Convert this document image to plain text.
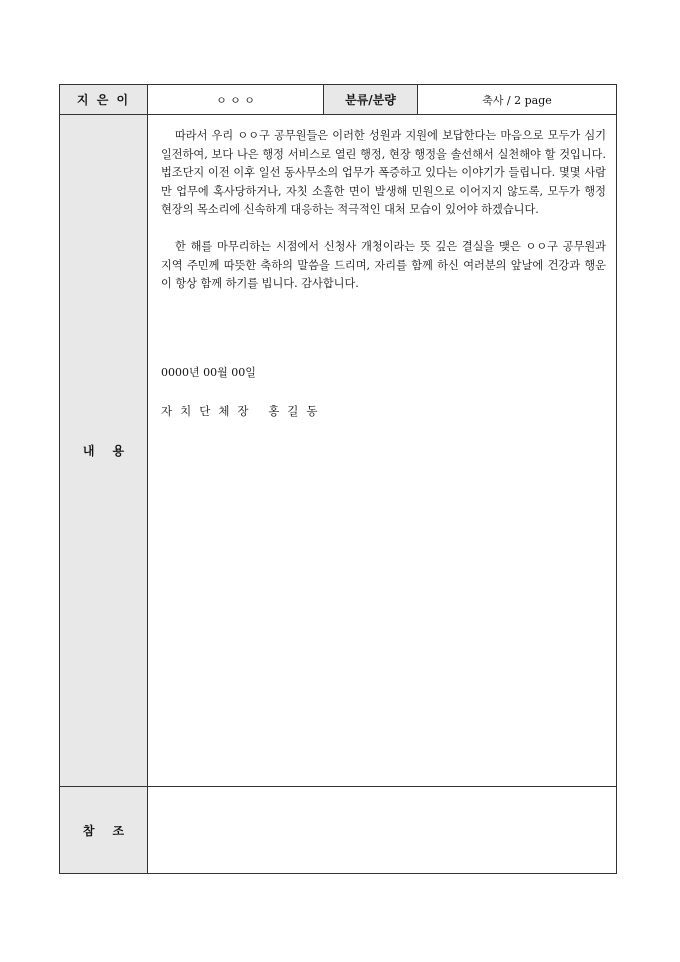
지 은 이	ㅇ ㅇ ㅇ	분류/분량	축사 / 2 page
내용	따라서 우리 ㅇㅇ구 공무원들은 이러한 성원과 지원에 보답한다는 마음으로 모두가 심기일전하여, 보다 나은 행정 서비스로 열린 행정, 현장 행정을 솔선해서 실천해야 할 것입니다. 법조단지 이전 이후 일선 동사무소의 업무가 폭증하고 있다는 이야기가 들립니다. 몇몇 사람만 업무에 혹사당하거나, 자칫 소홀한 면이 발생해 민원으로 이어지지 않도록, 모두가 행정 현장의 목소리에 신속하게 대응하는 적극적인 대처 모습이 있어야 하겠습니다.

한 해를 마무리하는 시점에서 신청사 개청이라는 뜻 깊은 결실을 맺은 ㅇㅇ구 공무원과 지역 주민께 따뜻한 축하의 말씀을 드리며, 자리를 함께 하신 여러분의 앞날에 건강과 행운이 항상 함께 하기를 빕니다. 감사합니다.

0000년 00월 00일
자치단체장 홍길동		

참조			
